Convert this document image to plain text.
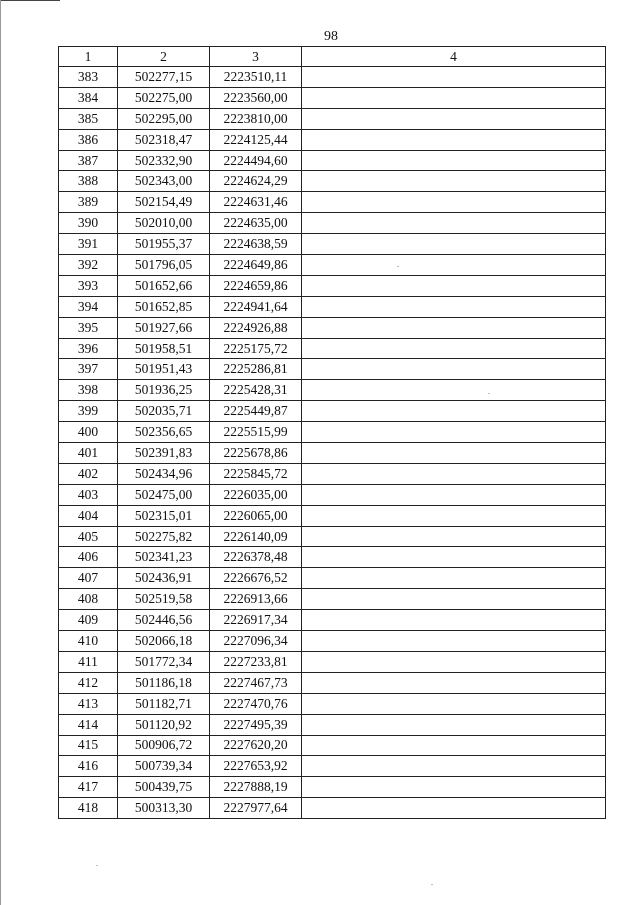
98
1	2	3	4
383	502277,15	2223510,11	
384	502275,00	2223560,00	
385	502295,00	2223810,00	
386	502318,47	2224125,44	
387	502332,90	2224494,60	
388	502343,00	2224624,29	
389	502154,49	2224631,46	
390	502010,00	2224635,00	
391	501955,37	2224638,59	
392	501796,05	2224649,86	
393	501652,66	2224659,86	
394	501652,85	2224941,64	
395	501927,66	2224926,88	
396	501958,51	2225175,72	
397	501951,43	2225286,81	
398	501936,25	2225428,31	
399	502035,71	2225449,87	
400	502356,65	2225515,99	
401	502391,83	2225678,86	
402	502434,96	2225845,72	
403	502475,00	2226035,00	
404	502315,01	2226065,00	
405	502275,82	2226140,09	
406	502341,23	2226378,48	
407	502436,91	2226676,52	
408	502519,58	2226913,66	
409	502446,56	2226917,34	
410	502066,18	2227096,34	
411	501772,34	2227233,81	
412	501186,18	2227467,73	
413	501182,71	2227470,76	
414	501120,92	2227495,39	
415	500906,72	2227620,20	
416	500739,34	2227653,92	
417	500439,75	2227888,19	
418	500313,30	2227977,64	
